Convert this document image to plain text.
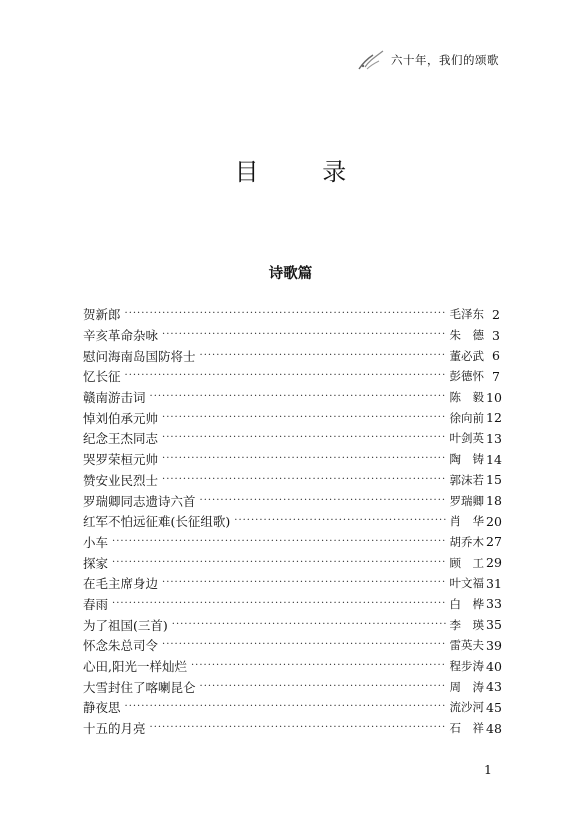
六十年，我们的颂歌
目 录
诗歌篇
贺新郎 ·····	毛泽东 2
辛亥革命杂咏 ·····	朱　德 3
慰问海南岛国防将士 ·····	董必武 6
忆长征 ·····	彭德怀 7
赣南游击词 ·····	陈　毅 10
悼刘伯承元帅 ·····	徐向前 12
纪念王杰同志 ·····	叶剑英 13
哭罗荣桓元帅 ·····	陶　铸 14
赞安业民烈士 ·····	郭沫若 15
罗瑞卿同志遗诗六首 ·····	罗瑞卿 18
红军不怕远征难(长征组歌) ·····	肖　华 20
小车 ·····	胡乔木 27
探家 ·····	顾　工 29
在毛主席身边 ·····	叶文福 31
春雨 ·····	白　桦 33
为了祖国(三首) ·····	李　瑛 35
怀念朱总司令 ·····	雷英夫 39
心田,阳光一样灿烂 ·····	程步涛 40
大雪封住了喀喇昆仑 ·····	周　涛 43
静夜思 ·····	流沙河 45
十五的月亮 ·····	石　祥 48
1
